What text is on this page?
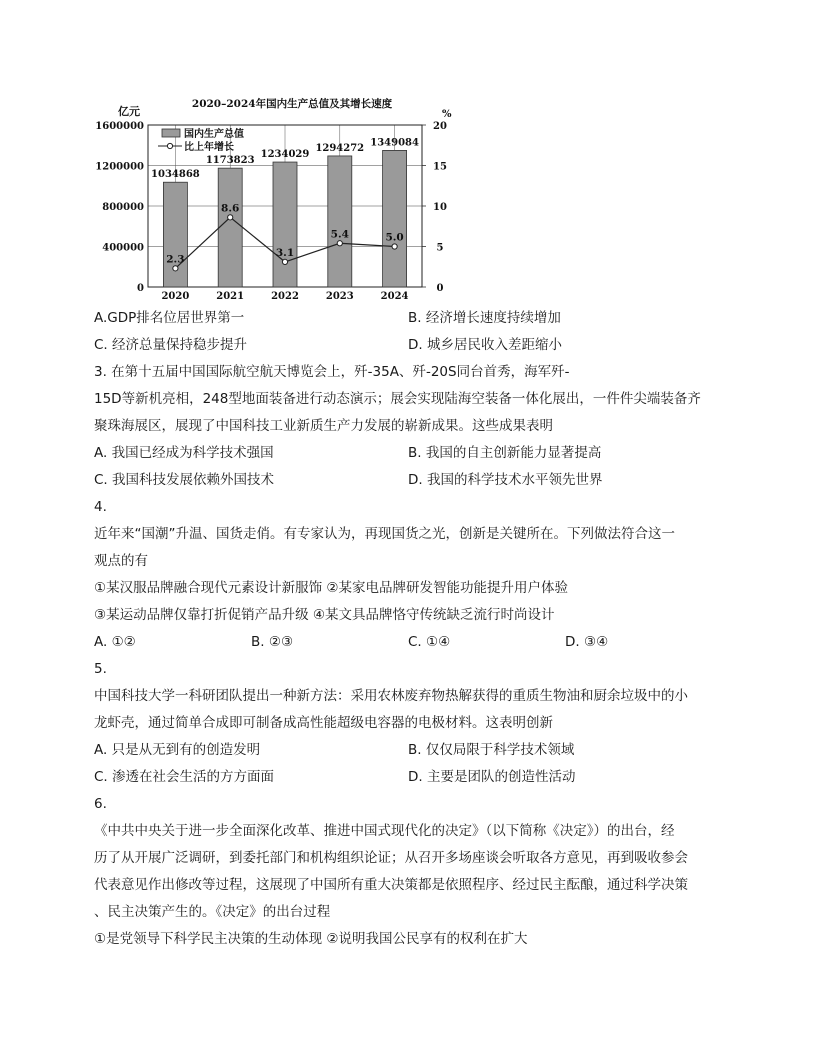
2020–2024年国内生产总值及其增长速度
亿元	%
0
400000
800000
1200000
1600000
0
5
10
15
20
1034868
1173823
1234029
1294272
1349084
2.3
8.6
3.1
5.4	5.0
2020	2021	2022	2023	2024
国内生产总值
比上年增长
A.GDP排名位居世界第一	B. 经济增长速度持续增加
C. 经济总量保持稳步提升	D. 城乡居民收入差距缩小
3. 在第十五届中国国际航空航天博览会上，歼-35A、歼-20S同台首秀，海军歼-
15D等新机亮相，248型地面装备进行动态演示；展会实现陆海空装备一体化展出，一件件尖端装备齐
聚珠海展区，展现了中国科技工业新质生产力发展的崭新成果。这些成果表明
A. 我国已经成为科学技术强国	B. 我国的自主创新能力显著提高
C. 我国科技发展依赖外国技术	D. 我国的科学技术水平领先世界
4.
近年来“国潮”升温、国货走俏。有专家认为，再现国货之光，创新是关键所在。下列做法符合这一
观点的有
①某汉服品牌融合现代元素设计新服饰 ②某家电品牌研发智能功能提升用户体验
③某运动品牌仅靠打折促销产品升级 ④某文具品牌恪守传统缺乏流行时尚设计
A. ①②	B. ②③	C. ①④	D. ③④
5.
中国科技大学一科研团队提出一种新方法：采用农林废弃物热解获得的重质生物油和厨余垃圾中的小
龙虾壳，通过简单合成即可制备成高性能超级电容器的电极材料。这表明创新
A. 只是从无到有的创造发明	B. 仅仅局限于科学技术领域
C. 渗透在社会生活的方方面面	D. 主要是团队的创造性活动
6.
《中共中央关于进一步全面深化改革、推进中国式现代化的决定》（以下简称《决定》）的出台，经
历了从开展广泛调研，到委托部门和机构组织论证；从召开多场座谈会听取各方意见，再到吸收参会
代表意见作出修改等过程，这展现了中国所有重大决策都是依照程序、经过民主酝酿，通过科学决策
、民主决策产生的。《决定》的出台过程
①是党领导下科学民主决策的生动体现 ②说明我国公民享有的权利在扩大
